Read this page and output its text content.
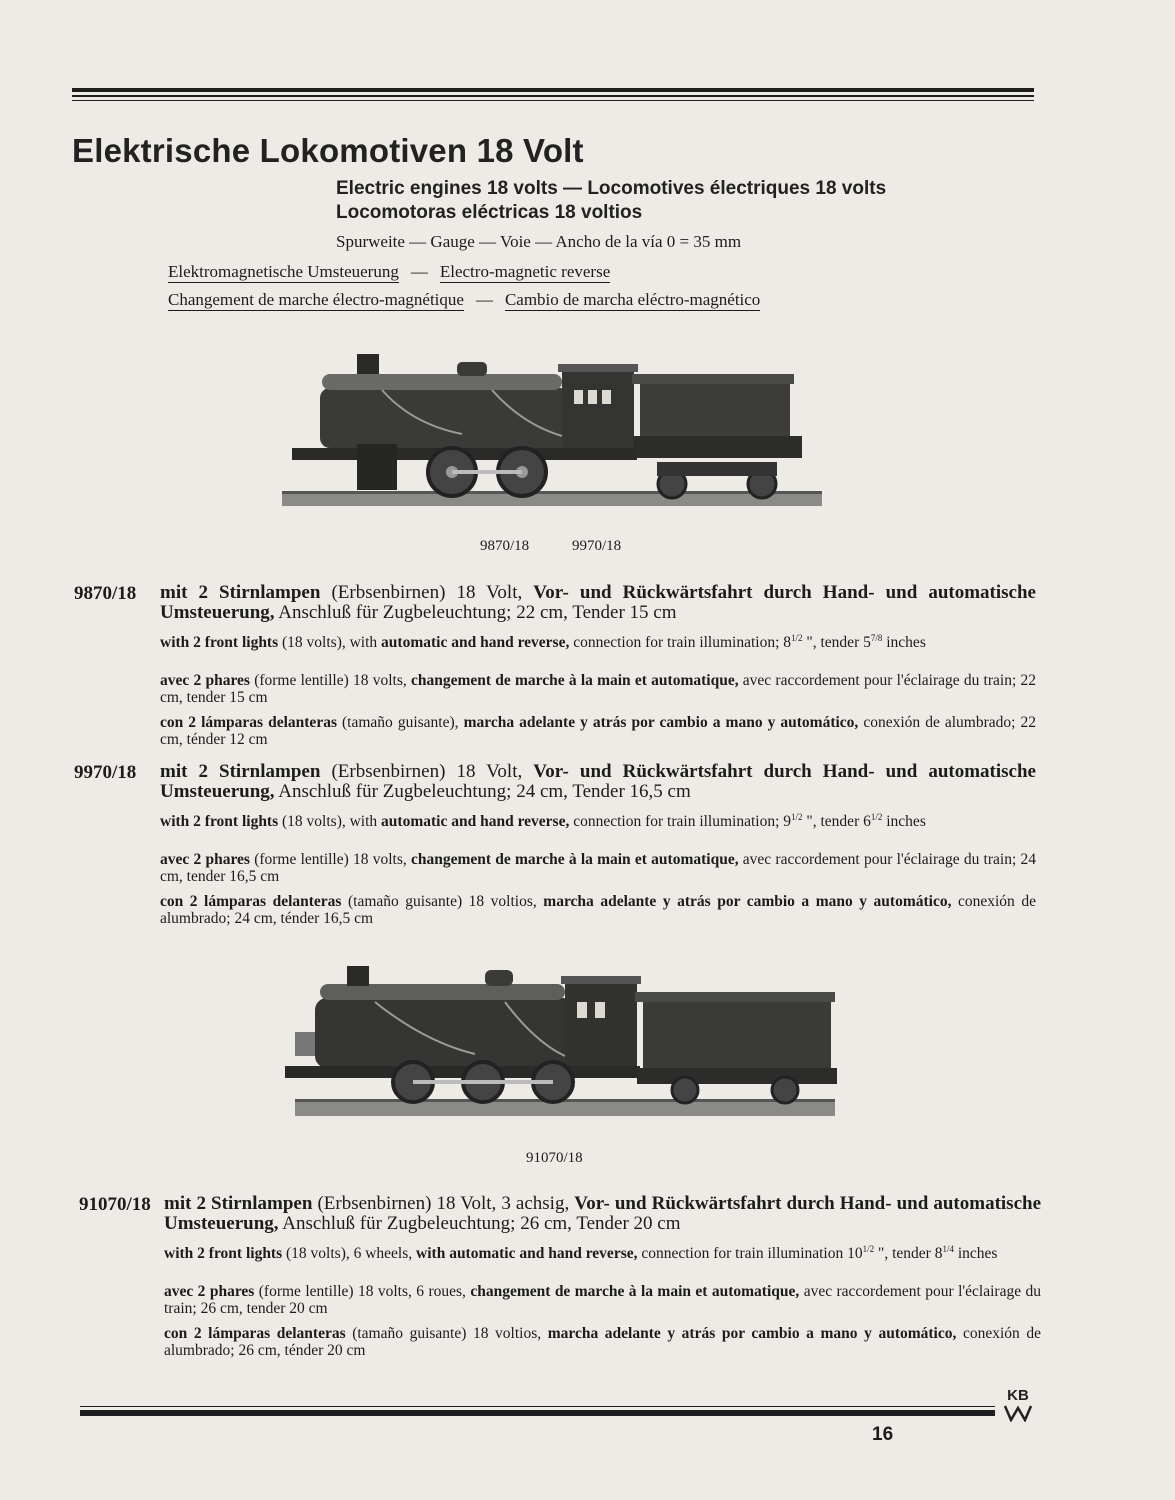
Elektrische Lokomotiven 18 Volt
Electric engines 18 volts — Locomotives électriques 18 volts
Locomotoras eléctricas 18 voltios
Spurweite — Gauge — Voie — Ancho de la vía 0 = 35 mm
Elektromagnetische Umsteuerung — Electro-magnetic reverse
Changement de marche électro-magnétique — Cambio de marcha eléctro-magnético
9870/18	9970/18
9870/18 mit 2 Stirnlampen (Erbsenbirnen) 18 Volt, Vor- und Rückwärtsfahrt durch Hand- und automatische Umsteuerung, Anschluß für Zugbeleuchtung; 22 cm, Tender 15 cm
with 2 front lights (18 volts), with automatic and hand reverse, connection for train illumination; $8^{1/2}$ ", tender $5^{7/8}$ inches
avec 2 phares (forme lentille) 18 volts, changement de marche à la main et automatique, avec raccordement pour l'éclairage du train; 22 cm, tender 15 cm
con 2 lámparas delanteras (tamaño guisante), marcha adelante y atrás por cambio a mano y automático, conexión de alumbrado; 22 cm, ténder 12 cm
9970/18 mit 2 Stirnlampen (Erbsenbirnen) 18 Volt, Vor- und Rückwärtsfahrt durch Hand- und automatische Umsteuerung, Anschluß für Zugbeleuchtung; 24 cm, Tender 16,5 cm
with 2 front lights (18 volts), with automatic and hand reverse, connection for train illumination; $9^{1/2}$ ", tender $6^{1/2}$ inches
avec 2 phares (forme lentille) 18 volts, changement de marche à la main et automatique, avec raccordement pour l'éclairage du train; 24 cm, tender 16,5 cm
con 2 lámparas delanteras (tamaño guisante) 18 voltios, marcha adelante y atrás por cambio a mano y automático, conexión de alumbrado; 24 cm, ténder 16,5 cm
91070/18
91070/18 mit 2 Stirnlampen (Erbsenbirnen) 18 Volt, 3 achsig, Vor- und Rückwärtsfahrt durch Hand- und automatische Umsteuerung, Anschluß für Zugbeleuchtung; 26 cm, Tender 20 cm
with 2 front lights (18 volts), 6 wheels, with automatic and hand reverse, connection for train illumination $10^{1/2}$ ", tender $8^{1/4}$ inches
avec 2 phares (forme lentille) 18 volts, 6 roues, changement de marche à la main et automatique, avec raccordement pour l'éclairage du train; 26 cm, tender 20 cm
con 2 lámparas delanteras (tamaño guisante) 18 voltios, marcha adelante y atrás por cambio a mano y automático, conexión de alumbrado; 26 cm, ténder 20 cm
KB
16
